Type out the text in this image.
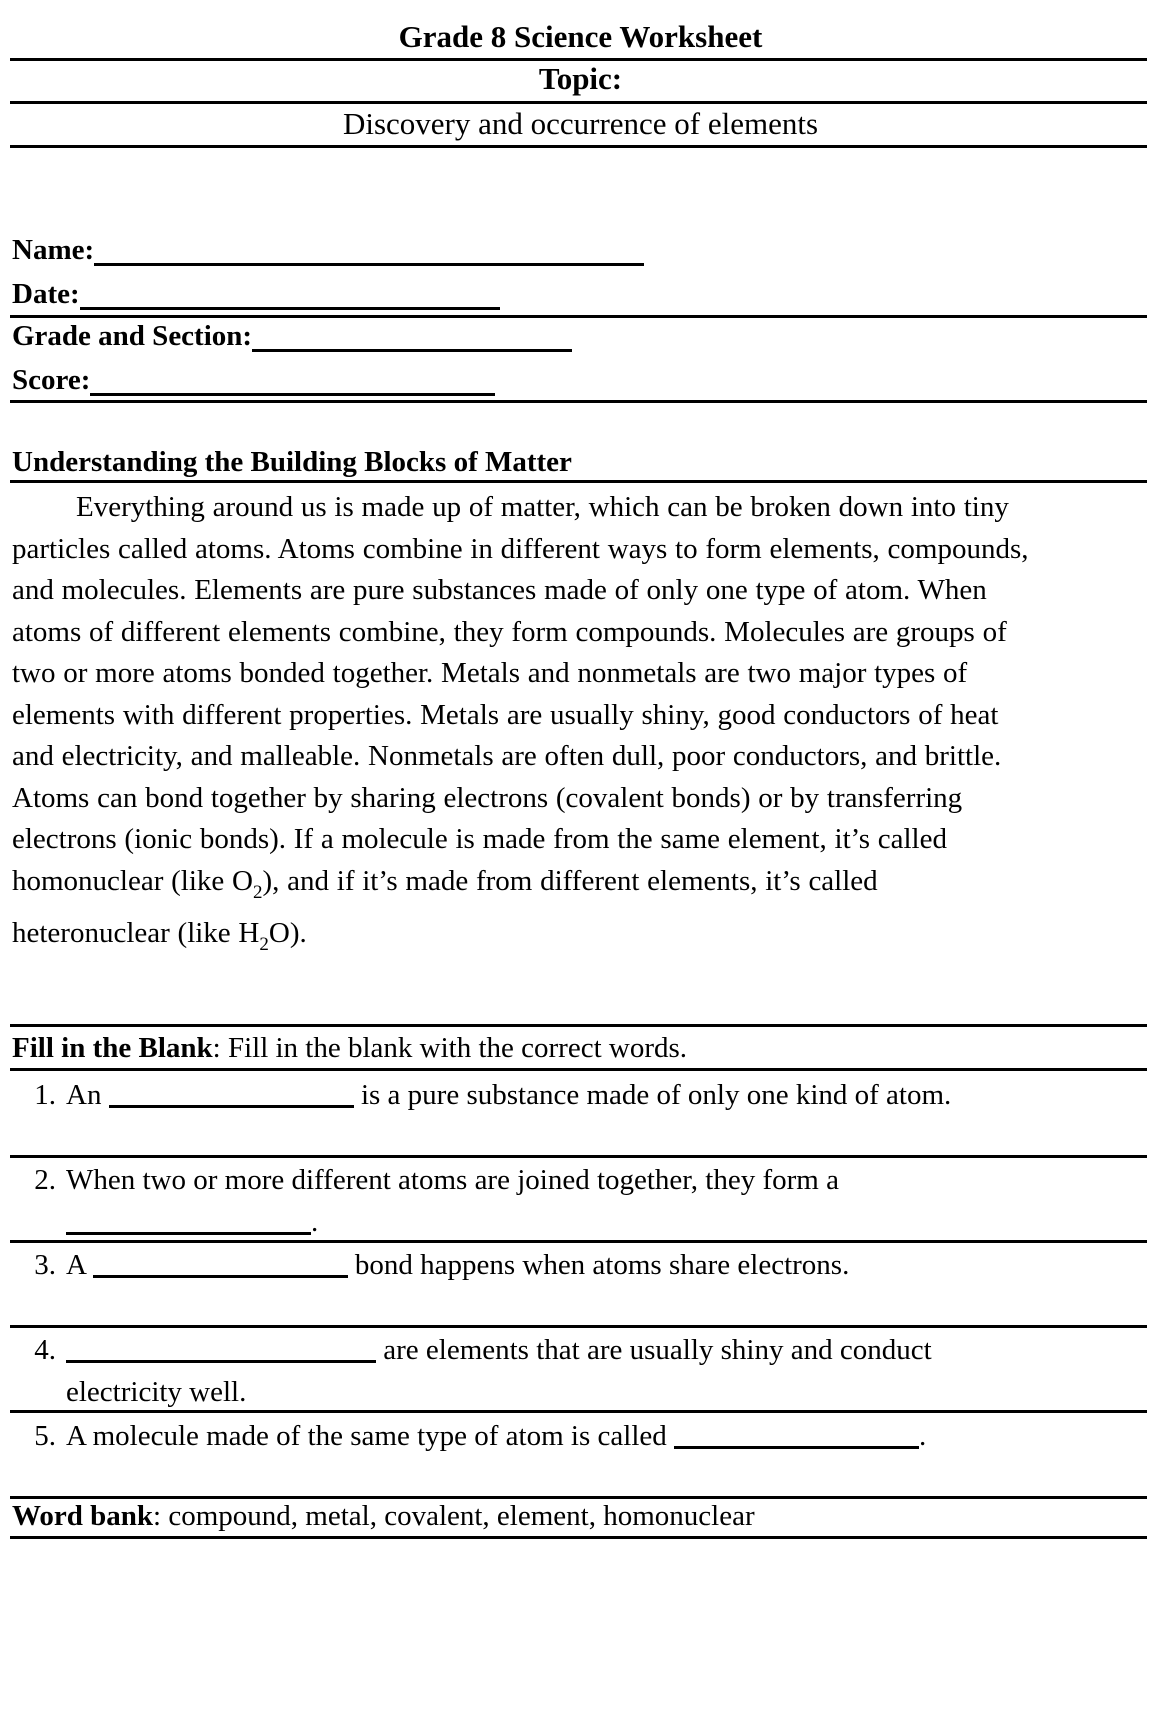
Grade 8 Science Worksheet
Topic:
Discovery and occurrence of elements
Name:
Date:
Grade and Section:
Score:
Understanding the Building Blocks of Matter
Everything around us is made up of matter, which can be broken down into tiny particles called atoms. Atoms combine in different ways to form elements, compounds, and molecules. Elements are pure substances made of only one type of atom. When atoms of different elements combine, they form compounds. Molecules are groups of two or more atoms bonded together. Metals and nonmetals are two major types of elements with different properties. Metals are usually shiny, good conductors of heat and electricity, and malleable. Nonmetals are often dull, poor conductors, and brittle. Atoms can bond together by sharing electrons (covalent bonds) or by transferring electrons (ionic bonds). If a molecule is made from the same element, it’s called homonuclear (like $O_2$), and if it’s made from different elements, it’s called heteronuclear (like $H_2O$).
Fill in the Blank: Fill in the blank with the correct words.
1. An	is a pure substance made of only one kind of atom.
2. When two or more different atoms are joined together, they form a .
3. A	bond happens when atoms share electrons.
4.	are elements that are usually shiny and conduct electricity well.
5. A molecule made of the same type of atom is called	.
Word bank: compound, metal, covalent, element, homonuclear
